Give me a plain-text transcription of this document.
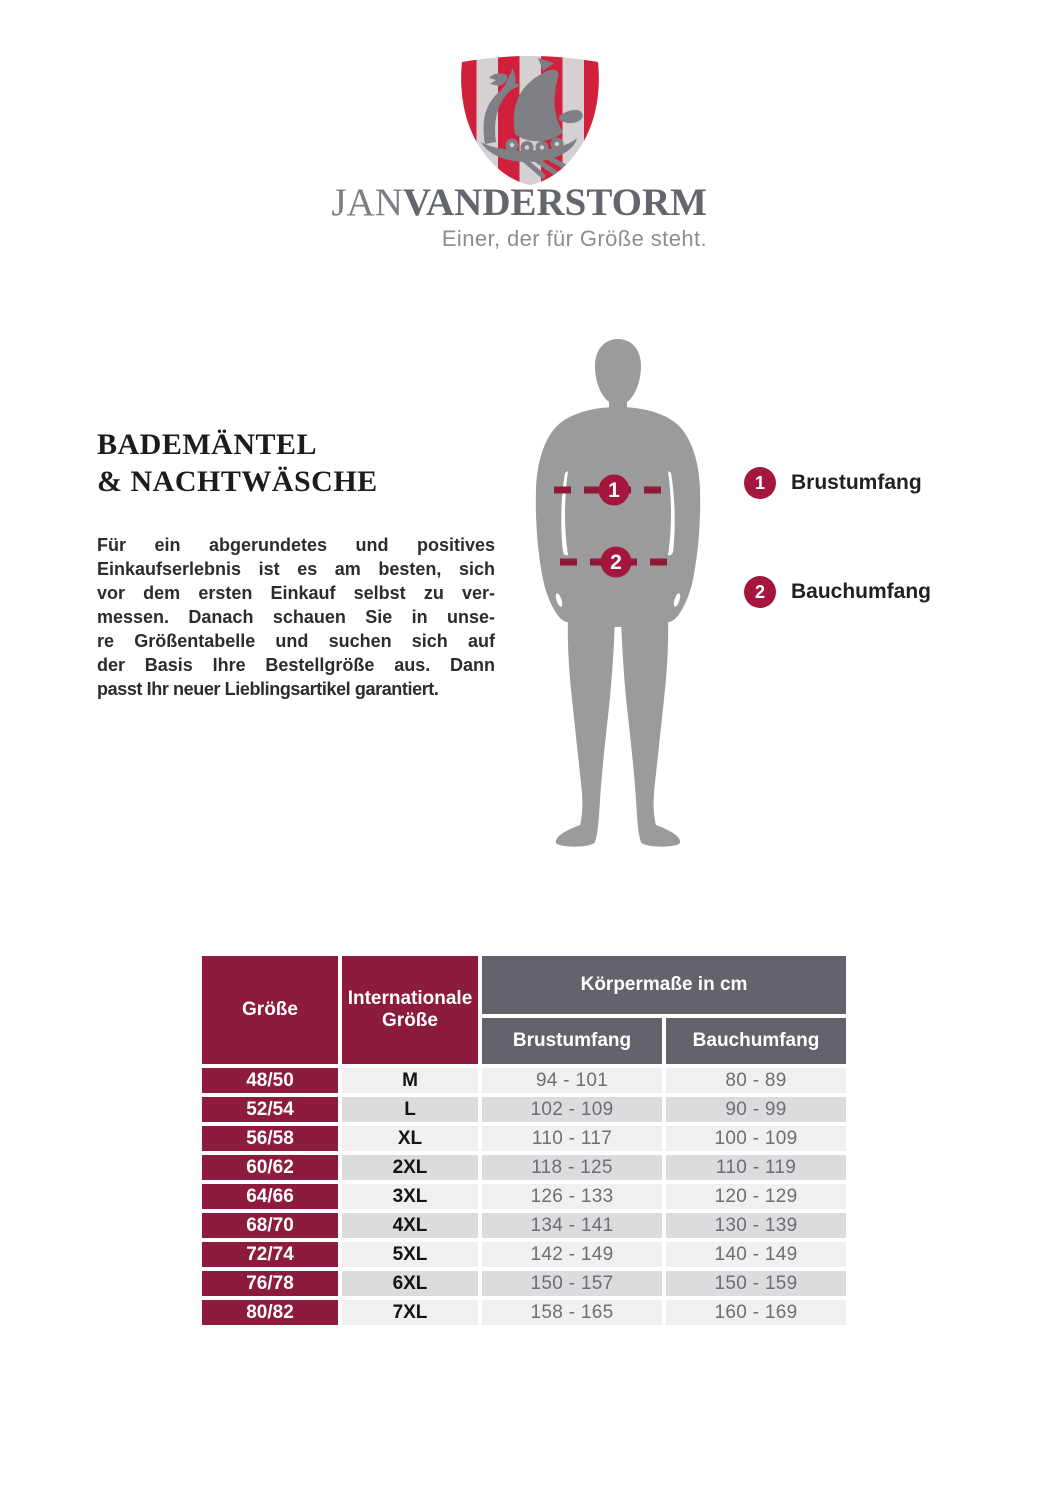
JANVANDERSTORM
Einer, der für Größe steht.
BADEMÄNTEL
& NACHTWÄSCHE
Für ein abgerundetes und positives
Einkaufserlebnis ist es am besten, sich
vor dem ersten Einkauf selbst zu ver-
messen. Danach schauen Sie in unse-
re Größentabelle und suchen sich auf
der Basis Ihre Bestellgröße aus. Dann
passt Ihr neuer Lieblingsartikel garantiert.
1
2
1	Brustumfang
2	Bauchumfang
Größe	Internationale Größe	Körpermaße in cm	
		Brustumfang	Bauchumfang
48/50	M	94 - 101	80 - 89
52/54	L	102 - 109	90 - 99
56/58	XL	110 - 117	100 - 109
60/62	2XL	118 - 125	110 - 119
64/66	3XL	126 - 133	120 - 129
68/70	4XL	134 - 141	130 - 139
72/74	5XL	142 - 149	140 - 149
76/78	6XL	150 - 157	150 - 159
80/82	7XL	158 - 165	160 - 169
